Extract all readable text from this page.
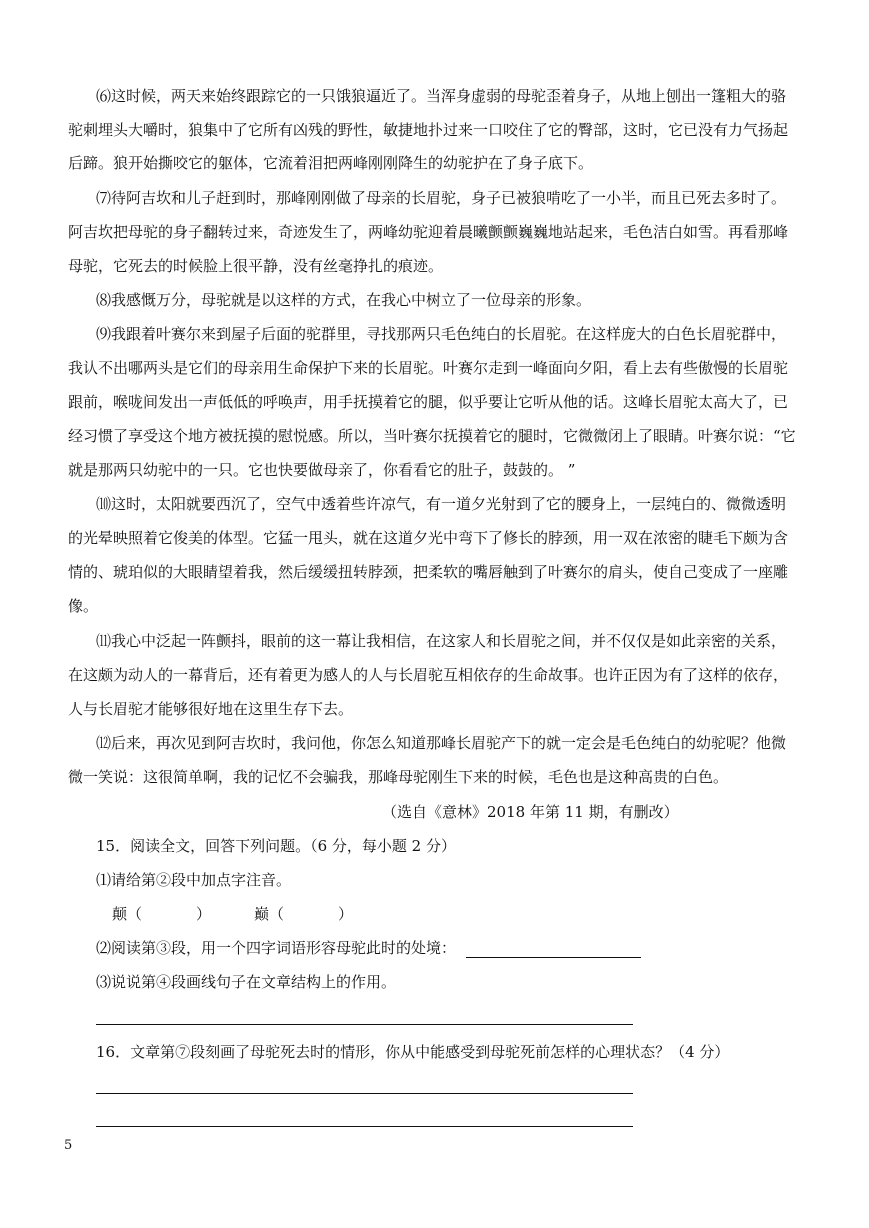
⑹这时候，两天来始终跟踪它的一只饿狼逼近了。当浑身虚弱的母驼歪着身子，从地上刨出一篷粗大的骆
驼刺埋头大嚼时，狼集中了它所有凶残的野性，敏捷地扑过来一口咬住了它的臀部，这时，它已没有力气扬起
后蹄。狼开始撕咬它的躯体，它流着泪把两峰刚刚降生的幼驼护在了身子底下。
⑺待阿吉坎和儿子赶到时，那峰刚刚做了母亲的长眉驼，身子已被狼啃吃了一小半，而且已死去多时了。
阿吉坎把母驼的身子翻转过来，奇迹发生了，两峰幼驼迎着晨曦颤颤巍巍地站起来，毛色洁白如雪。再看那峰
母驼，它死去的时候脸上很平静，没有丝毫挣扎的痕迹。
⑻我感慨万分，母驼就是以这样的方式，在我心中树立了一位母亲的形象。
⑼我跟着叶赛尔来到屋子后面的驼群里，寻找那两只毛色纯白的长眉驼。在这样庞大的白色长眉驼群中，
我认不出哪两头是它们的母亲用生命保护下来的长眉驼。叶赛尔走到一峰面向夕阳，看上去有些傲慢的长眉驼
跟前，喉咙间发出一声低低的呼唤声，用手抚摸着它的腿，似乎要让它听从他的话。这峰长眉驼太高大了，已
经习惯了享受这个地方被抚摸的慰悦感。所以，当叶赛尔抚摸着它的腿时，它微微闭上了眼睛。叶赛尔说：“它
就是那两只幼驼中的一只。它也快要做母亲了，你看看它的肚子，鼓鼓的。 ”
⑽这时，太阳就要西沉了，空气中透着些许凉气，有一道夕光射到了它的腰身上，一层纯白的、微微透明
的光晕映照着它俊美的体型。它猛一甩头，就在这道夕光中弯下了修长的脖颈，用一双在浓密的睫毛下颇为含
情的、琥珀似的大眼睛望着我，然后缓缓扭转脖颈，把柔软的嘴唇触到了叶赛尔的肩头，使自己变成了一座雕
像。
⑾我心中泛起一阵颤抖，眼前的这一幕让我相信，在这家人和长眉驼之间，并不仅仅是如此亲密的关系，
在这颇为动人的一幕背后，还有着更为感人的人与长眉驼互相依存的生命故事。也许正因为有了这样的依存，
人与长眉驼才能够很好地在这里生存下去。
⑿后来，再次见到阿吉坎时，我问他，你怎么知道那峰长眉驼产下的就一定会是毛色纯白的幼驼呢？他微
微一笑说：这很简单啊，我的记忆不会骗我，那峰母驼刚生下来的时候，毛色也是这种高贵的白色。
（选自《意林》2018 年第 11 期，有删改）
15．阅读全文，回答下列问题。（6 分，每小题 2 分）
⑴请给第②段中加点字注音。
颠（	）	巅（	）
⑵阅读第③段，用一个四字词语形容母驼此时的处境：
⑶说说第④段画线句子在文章结构上的作用。
16．文章第⑦段刻画了母驼死去时的情形，你从中能感受到母驼死前怎样的心理状态？（4 分）
5
